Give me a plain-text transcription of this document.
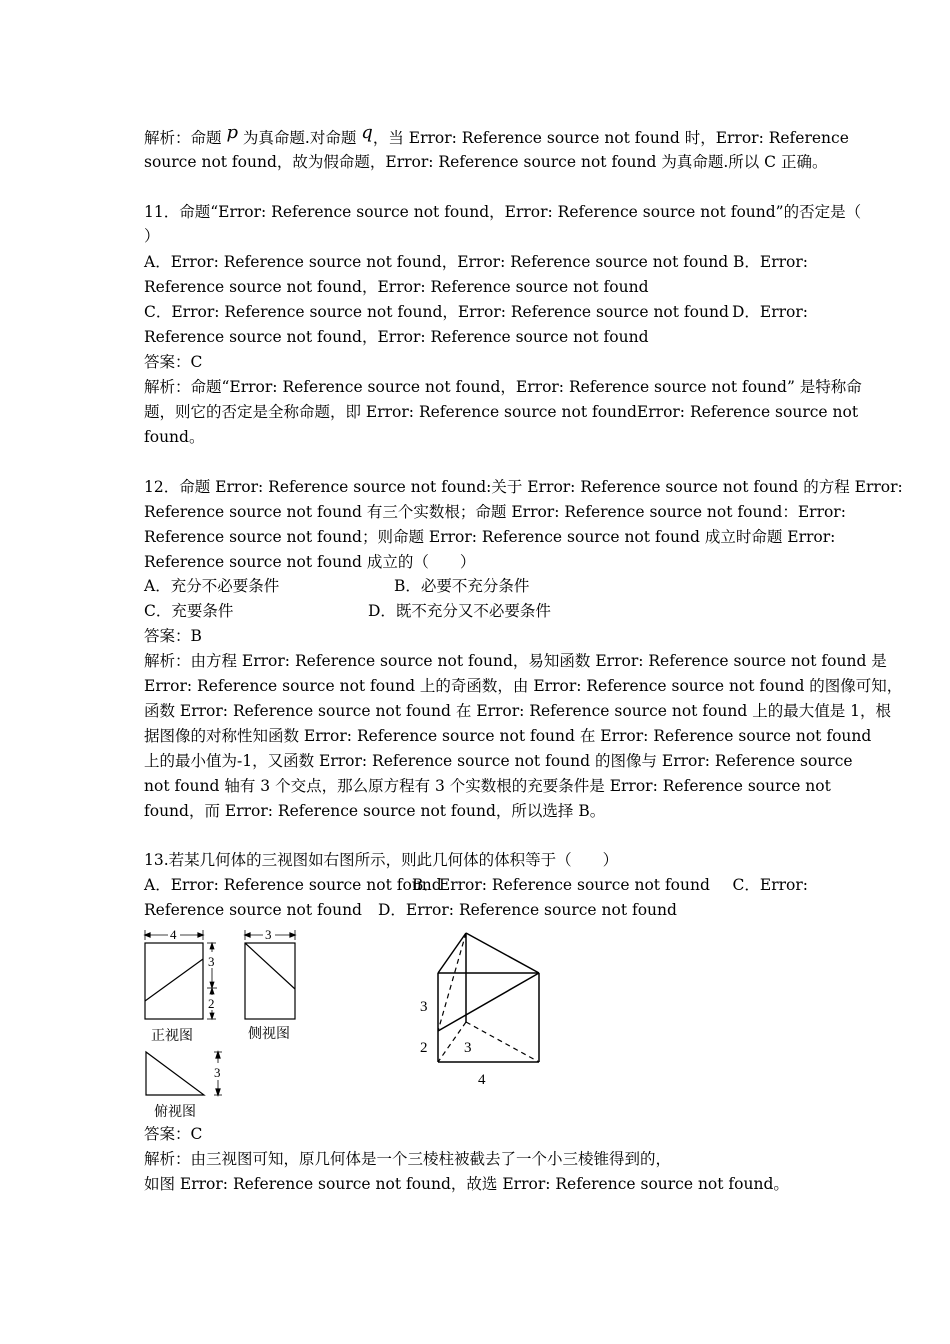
解析：命题 p 为真命题.对命题 q，当 Error: Reference source not found 时，Error: Reference
source not found，故为假命题，Error: Reference source not found 为真命题.所以 C 正确。
11．命题“Error: Reference source not found，Error: Reference source not found”的否定是（
）
A．Error: Reference source not found，Error: Reference source not found B．Error:
Reference source not found，Error: Reference source not found
C．Error: Reference source not found，Error: Reference source not found D．Error:
Reference source not found，Error: Reference source not found
答案：C
解析：命题“Error: Reference source not found，Error: Reference source not found” 是特称命
题，则它的否定是全称命题，即 Error: Reference source not foundError: Reference source not
found。
12．命题 Error: Reference source not found:关于 Error: Reference source not found 的方程 Error:
Reference source not found 有三个实数根；命题 Error: Reference source not found：Error:
Reference source not found；则命题 Error: Reference source not found 成立时命题 Error:
Reference source not found 成立的（　　）
A．充分不必要条件	B．必要不充分条件
C．充要条件	D．既不充分又不必要条件
答案：B
解析：由方程 Error: Reference source not found，易知函数 Error: Reference source not found 是
Error: Reference source not found 上的奇函数，由 Error: Reference source not found 的图像可知，
函数 Error: Reference source not found 在 Error: Reference source not found 上的最大值是 1，根
据图像的对称性知函数 Error: Reference source not found 在 Error: Reference source not found
上的最小值为-1，又函数 Error: Reference source not found 的图像与 Error: Reference source
not found 轴有 3 个交点，那么原方程有 3 个实数根的充要条件是 Error: Reference source not
found，而 Error: Reference source not found，所以选择 B。
13.若某几何体的三视图如右图所示，则此几何体的体积等于（　　）
A．Error: Reference source not found
B．Error: Reference source not found C．Error:
Reference source not found D．Error: Reference source not found
4
3
2
3
3
正视图	侧视图
俯视图
3
2 3
4
答案：C
解析：由三视图可知，原几何体是一个三棱柱被截去了一个小三棱锥得到的，
如图 Error: Reference source not found，故选 Error: Reference source not found。
